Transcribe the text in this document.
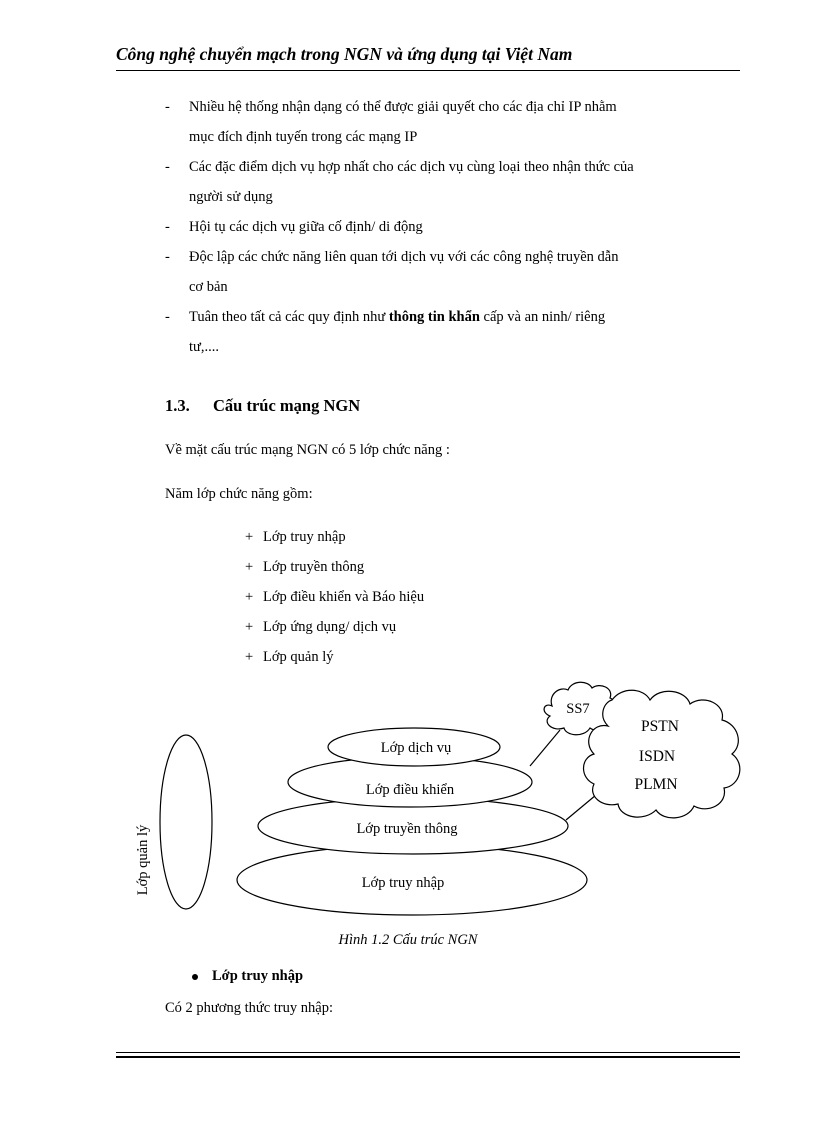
Công nghệ chuyển mạch trong NGN và ứng dụng tại Việt Nam
- Nhiều hệ thống nhận dạng có thể được giải quyết cho các địa chỉ IP nhằm
mục đích định tuyến trong các mạng IP
- Các đặc điểm dịch vụ hợp nhất cho các dịch vụ cùng loại theo nhận thức của
người sử dụng
- Hội tụ các dịch vụ giữa cố định/ di động
- Độc lập các chức năng liên quan tới dịch vụ với các công nghệ truyền dẫn
cơ bản
- Tuân theo tất cả các quy định như thông tin khẩn cấp và an ninh/ riêng
tư,....
1.3. Cấu trúc mạng NGN
Về mặt cấu trúc mạng NGN có 5 lớp chức năng :
Năm lớp chức năng gồm:
+ Lớp truy nhập
+ Lớp truyền thông
+ Lớp điều khiển và Báo hiệu
+ Lớp ứng dụng/ dịch vụ
+ Lớp quản lý
Lớp dịch vụ
Lớp điều khiển
Lớp truyền thông
Lớp truy nhập
SS7
PSTN
ISDN
PLMN
Lớp quản lý
Hình 1.2 Cấu trúc NGN
Lớp truy nhập
Có 2 phương thức truy nhập:
